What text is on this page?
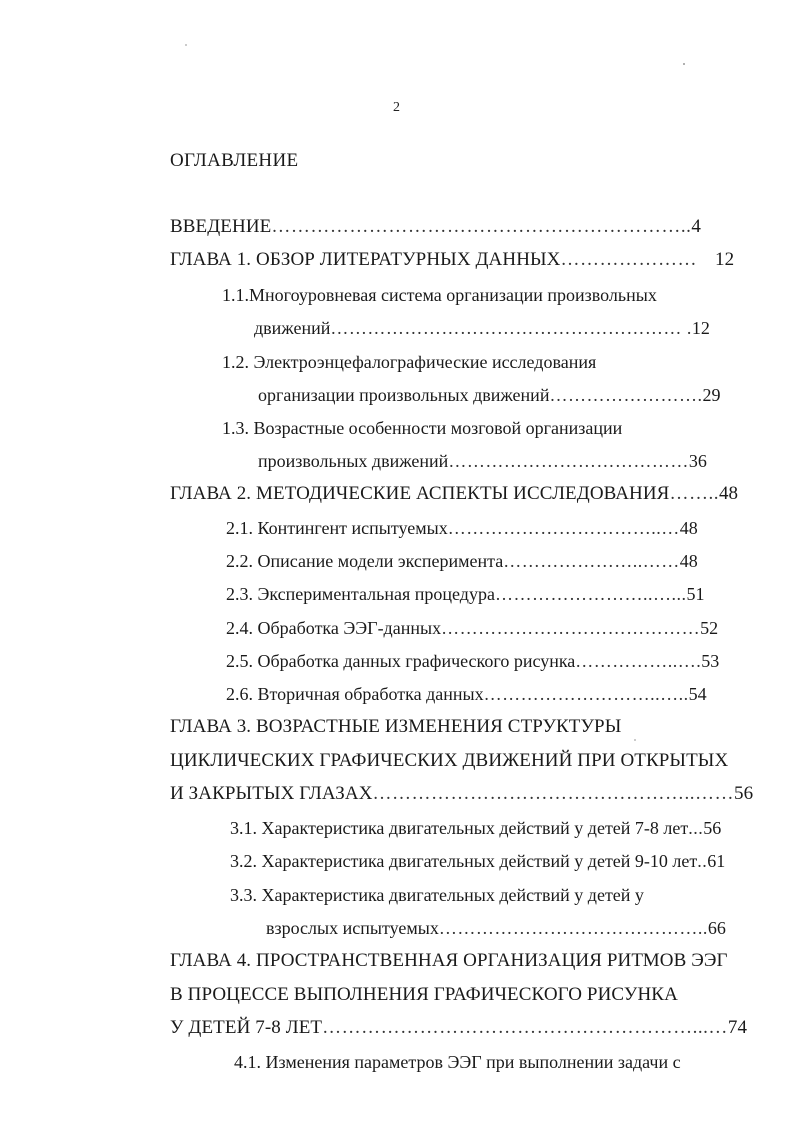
2
ОГЛАВЛЕНИЕ
ВВЕДЕНИЕ………………………………………………………..4
ГЛАВА 1. ОБЗОР ЛИТЕРАТУРНЫХ ДАННЫХ………………… 12
1.1.Многоуровневая система организации произвольных
движений………………………………………………… .12
1.2. Электроэнцефалографические исследования
организации произвольных движений…………………….29
1.3. Возрастные особенности мозговой организации
произвольных движений…………………………………36
ГЛАВА 2. МЕТОДИЧЕСКИЕ АСПЕКТЫ ИССЛЕДОВАНИЯ……..48
2.1. Контингент испытуемых……………………………..…48
2.2. Описание модели эксперимента…………………..……48
2.3. Экспериментальная процедура……………………..…...51
2.4. Обработка ЭЭГ-данных……………………………………52
2.5. Обработка данных графического рисунка……………..….53
2.6. Вторичная обработка данных………………………..…..54
ГЛАВА 3. ВОЗРАСТНЫЕ ИЗМЕНЕНИЯ СТРУКТУРЫ
ЦИКЛИЧЕСКИХ ГРАФИЧЕСКИХ ДВИЖЕНИЙ ПРИ ОТКРЫТЫХ
И ЗАКРЫТЫХ ГЛАЗАХ…………………………………………..……56
3.1. Характеристика двигательных действий у детей 7-8 лет...56
3.2. Характеристика двигательных действий у детей 9-10 лет..61
3.3. Характеристика двигательных действий у детей у
взрослых испытуемых……………………………………..66
ГЛАВА 4. ПРОСТРАНСТВЕННАЯ ОРГАНИЗАЦИЯ РИТМОВ ЭЭГ
В ПРОЦЕССЕ ВЫПОЛНЕНИЯ ГРАФИЧЕСКОГО РИСУНКА
У ДЕТЕЙ 7-8 ЛЕТ…………………………………………………...…74
4.1. Изменения параметров ЭЭГ при выполнении задачи с
